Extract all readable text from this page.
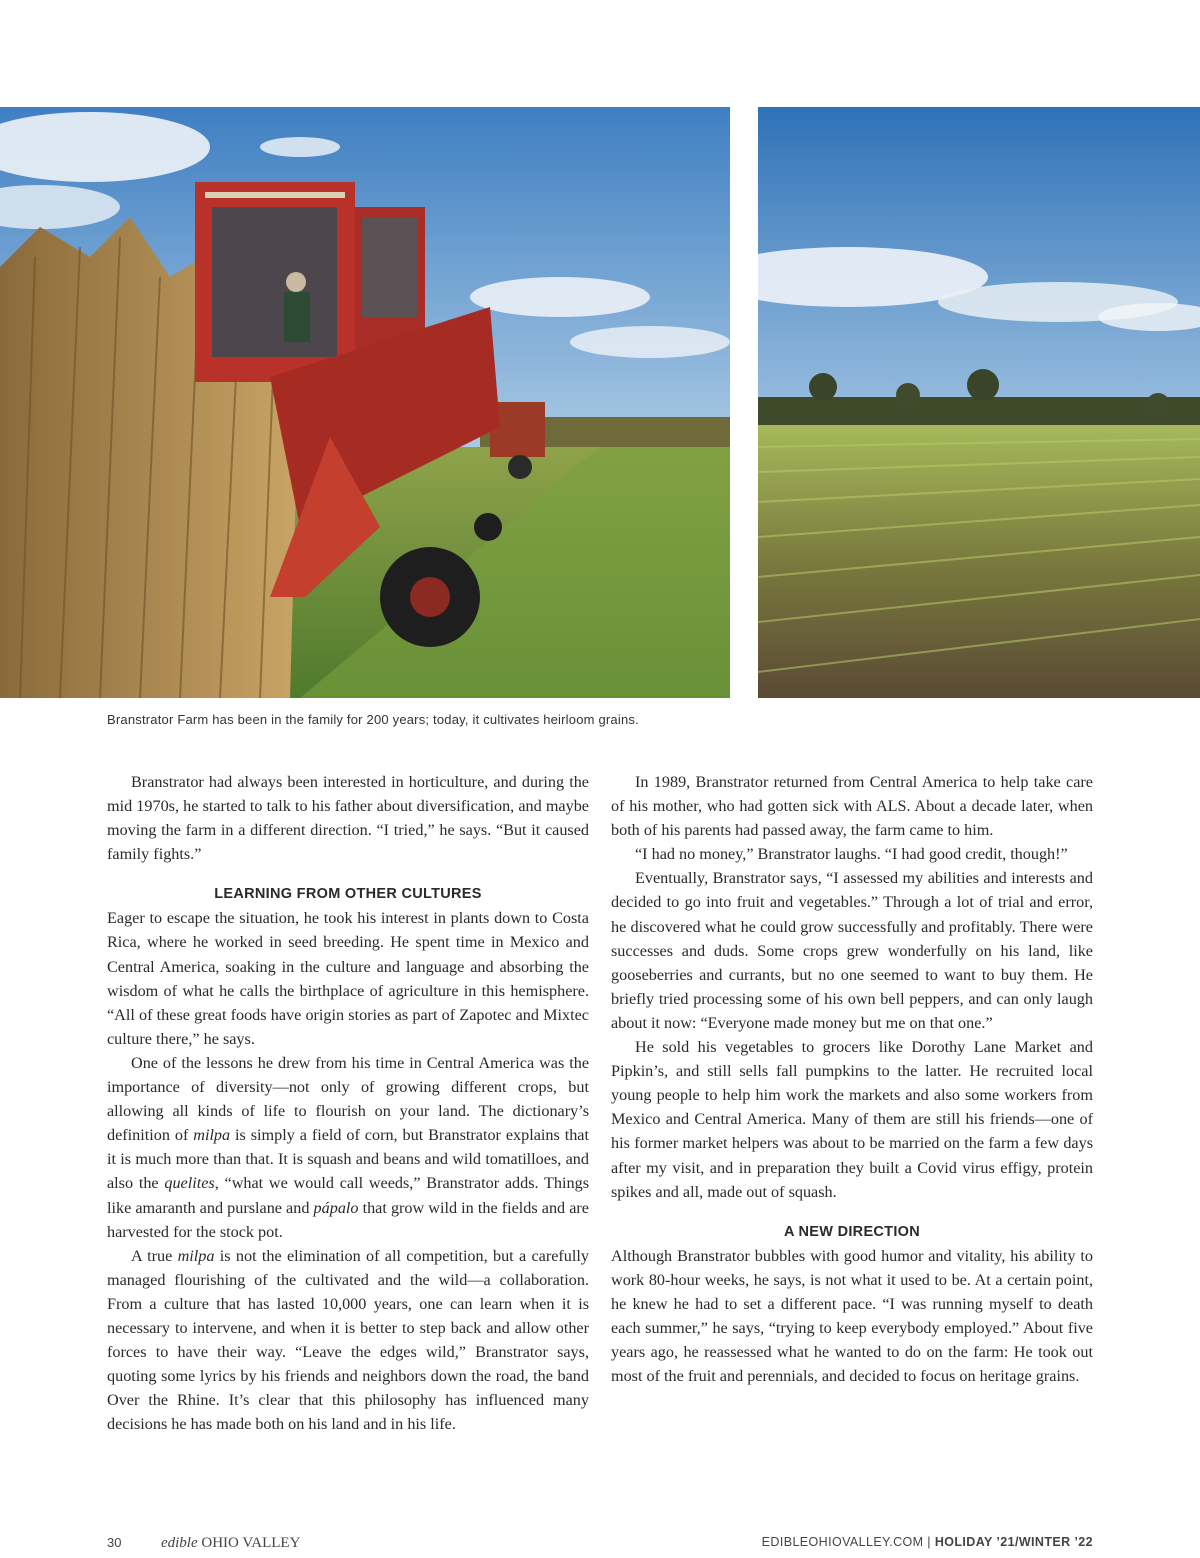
Branstrator Farm has been in the family for 200 years; today, it cultivates heirloom grains.

Branstrator had always been interested in horticulture, and during the mid 1970s, he started to talk to his father about diversification, and maybe moving the farm in a different direction. “I tried,” he says. “But it caused family fights.”

LEARNING FROM OTHER CULTURES

Eager to escape the situation, he took his interest in plants down to Costa Rica, where he worked in seed breeding. He spent time in Mexico and Central America, soaking in the culture and language and absorbing the wisdom of what he calls the birthplace of agriculture in this hemisphere. “All of these great foods have origin stories as part of Zapotec and Mixtec culture there,” he says.

One of the lessons he drew from his time in Central America was the importance of diversity—not only of growing different crops, but allowing all kinds of life to flourish on your land. The dictionary’s definition of milpa is simply a field of corn, but Branstrator explains that it is much more than that. It is squash and beans and wild tomatilloes, and also the quelites, “what we would call weeds,” Branstrator adds. Things like amaranth and purslane and pápalo that grow wild in the fields and are harvested for the stock pot.

A true milpa is not the elimination of all competition, but a carefully managed flourishing of the cultivated and the wild—a collaboration. From a culture that has lasted 10,000 years, one can learn when it is necessary to intervene, and when it is better to step back and allow other forces to have their way. “Leave the edges wild,” Branstrator says, quoting some lyrics by his friends and neighbors down the road, the band Over the Rhine. It’s clear that this philosophy has influenced many decisions he has made both on his land and in his life.

In 1989, Branstrator returned from Central America to help take care of his mother, who had gotten sick with ALS. About a decade later, when both of his parents had passed away, the farm came to him.

“I had no money,” Branstrator laughs. “I had good credit, though!”

Eventually, Branstrator says, “I assessed my abilities and interests and decided to go into fruit and vegetables.” Through a lot of trial and error, he discovered what he could grow successfully and profitably. There were successes and duds. Some crops grew wonderfully on his land, like gooseberries and currants, but no one seemed to want to buy them. He briefly tried processing some of his own bell peppers, and can only laugh about it now: “Everyone made money but me on that one.”

He sold his vegetables to grocers like Dorothy Lane Market and Pipkin’s, and still sells fall pumpkins to the latter. He recruited local young people to help him work the markets and also some workers from Mexico and Central America. Many of them are still his friends—one of his former market helpers was about to be married on the farm a few days after my visit, and in preparation they built a Covid virus effigy, protein spikes and all, made out of squash.

A NEW DIRECTION

Although Branstrator bubbles with good humor and vitality, his ability to work 80-hour weeks, he says, is not what it used to be. At a certain point, he knew he had to set a different pace. “I was running myself to death each summer,” he says, “trying to keep everybody employed.” About five years ago, he reassessed what he wanted to do on the farm: He took out most of the fruit and perennials, and decided to focus on heritage grains.

30	edible OHIO VALLEY	EDIBLEOHIOVALLEY.COM | HOLIDAY ’21/WINTER ’22
